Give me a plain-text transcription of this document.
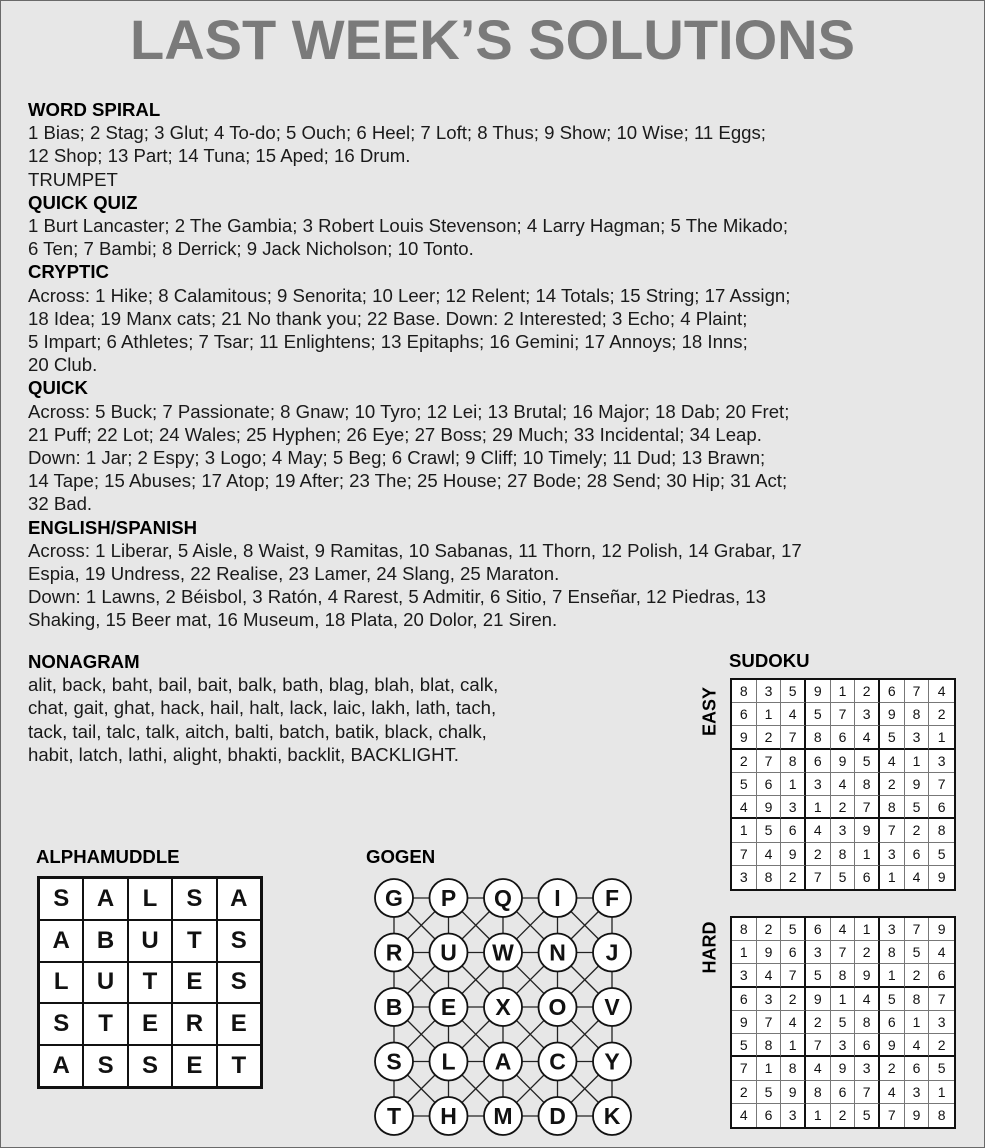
LAST WEEK’S SOLUTIONS
WORD SPIRAL
1 Bias; 2 Stag; 3 Glut; 4 To-do; 5 Ouch; 6 Heel; 7 Loft; 8 Thus; 9 Show; 10 Wise; 11 Eggs;
12 Shop; 13 Part; 14 Tuna; 15 Aped; 16 Drum.
TRUMPET
QUICK QUIZ
1 Burt Lancaster; 2 The Gambia; 3 Robert Louis Stevenson; 4 Larry Hagman; 5 The Mikado;
6 Ten; 7 Bambi; 8 Derrick; 9 Jack Nicholson; 10 Tonto.
CRYPTIC
Across: 1 Hike; 8 Calamitous; 9 Senorita; 10 Leer; 12 Relent; 14 Totals; 15 String; 17 Assign;
18 Idea; 19 Manx cats; 21 No thank you; 22 Base. Down: 2 Interested; 3 Echo; 4 Plaint;
5 Impart; 6 Athletes; 7 Tsar; 11 Enlightens; 13 Epitaphs; 16 Gemini; 17 Annoys; 18 Inns;
20 Club.
QUICK
Across: 5 Buck; 7 Passionate; 8 Gnaw; 10 Tyro; 12 Lei; 13 Brutal; 16 Major; 18 Dab; 20 Fret;
21 Puff; 22 Lot; 24 Wales; 25 Hyphen; 26 Eye; 27 Boss; 29 Much; 33 Incidental; 34 Leap.
Down: 1 Jar; 2 Espy; 3 Logo; 4 May; 5 Beg; 6 Crawl; 9 Cliff; 10 Timely; 11 Dud; 13 Brawn;
14 Tape; 15 Abuses; 17 Atop; 19 After; 23 The; 25 House; 27 Bode; 28 Send; 30 Hip; 31 Act;
32 Bad.
ENGLISH/SPANISH
Across: 1 Liberar, 5 Aisle, 8 Waist, 9 Ramitas, 10 Sabanas, 11 Thorn, 12 Polish, 14 Grabar, 17
Espia, 19 Undress, 22 Realise, 23 Lamer, 24 Slang, 25 Maraton.
Down: 1 Lawns, 2 Béisbol, 3 Ratón, 4 Rarest, 5 Admitir, 6 Sitio, 7 Enseñar, 12 Piedras, 13
Shaking, 15 Beer mat, 16 Museum, 18 Plata, 20 Dolor, 21 Siren.
NONAGRAM
alit, back, baht, bail, bait, balk, bath, blag, blah, blat, calk,
chat, gait, ghat, hack, hail, halt, lack, laic, lakh, lath, tach,
tack, tail, talc, talk, aitch, balti, batch, batik, black, chalk,
habit, latch, lathi, alight, bhakti, backlit, BACKLIGHT.
ALPHAMUDDLE
S	A	L	S	A
A	B	U	T	S
L	U	T	E	S
S	T	E	R	E
A	S	S	E	T
GOGEN
G P Q I F
R U W N J
B E X O V
S L A C Y
T H M D K
SUDOKU
EASY	8	3	5	9	1	2	6	7	4
6	1	4	5	7	3	9	8	2
9	2	7	8	6	4	5	3	1
2	7	8	6	9	5	4	1	3
5	6	1	3	4	8	2	9	7
4	9	3	1	2	7	8	5	6
1	5	6	4	3	9	7	2	8
7	4	9	2	8	1	3	6	5
3	8	2	7	5	6	1	4	9
HARD	8	2	5	6	4	1	3	7	9
1	9	6	3	7	2	8	5	4
3	4	7	5	8	9	1	2	6
6	3	2	9	1	4	5	8	7
9	7	4	2	5	8	6	1	3
5	8	1	7	3	6	9	4	2
7	1	8	4	9	3	2	6	5
2	5	9	8	6	7	4	3	1
4	6	3	1	2	5	7	9	8
